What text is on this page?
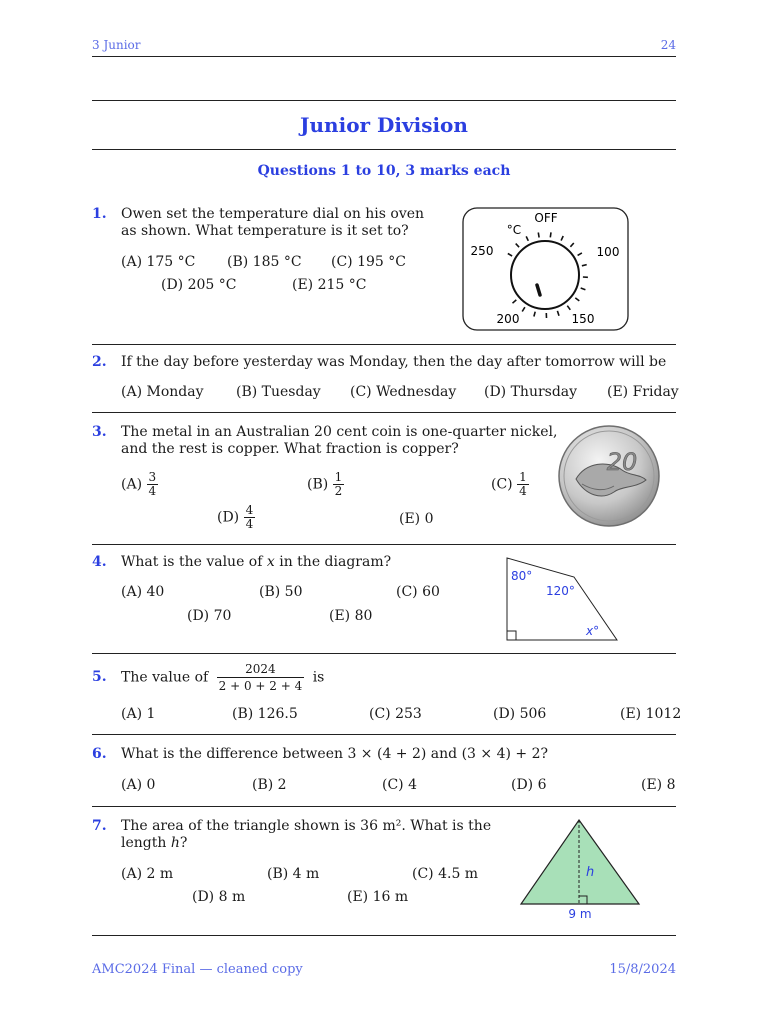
3 Junior	24
Junior Division
Questions 1 to 10, 3 marks each
1. Owen set the temperature dial on his oven
as shown. What temperature is it set to?
(A) 175 °C (B) 185 °C (C) 195 °C
(D) 205 °C	(E) 215 °C
OFF
°C
250	100
200	150
2. If the day before yesterday was Monday, then the day after tomorrow will be
(A) Monday (B) Tuesday (C) Wednesday (D) Thursday (E) Friday
3. The metal in an Australian 20 cent coin is one-quarter nickel,
and the rest is copper. What fraction is copper?
$(A) \frac{3}{4}$	$(B) \frac{1}{2}$	$(C) \frac{1}{4}$
$(D) \frac{4}{4}$	(E) 0
20
4. What is the value of x in the diagram?
(A) 40	(B) 50	(C) 60
(D) 70	(E) 80
80°
120°
x°
5. The value of $\frac{2024}{2 + 0 + 2 + 4}$ is
(A) 1	(B) 126.5	(C) 253	(D) 506	(E) 1012
6. What is the difference between 3 × (4 + 2) and (3 × 4) + 2?
(A) 0	(B) 2	(C) 4	(D) 6	(E) 8
7. The area of the triangle shown is 36 m². What is the
length h?
(A) 2 m	(B) 4 m	(C) 4.5 m
(D) 8 m	(E) 16 m
h
9 m
AMC2024 Final — cleaned copy	15/8/2024
